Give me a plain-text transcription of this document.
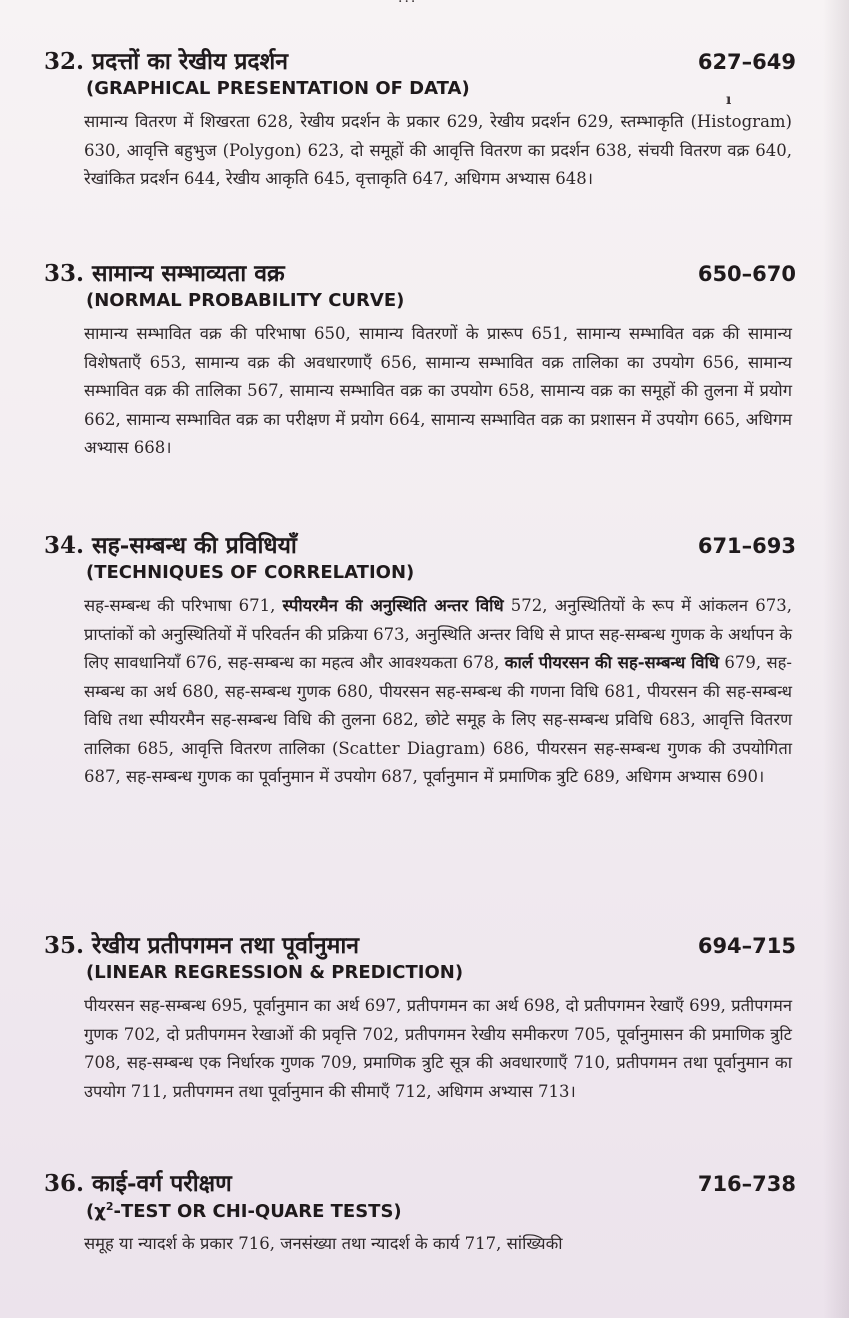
···
ı
32. प्रदत्तों का रेखीय प्रदर्शन	627–649
(GRAPHICAL PRESENTATION OF DATA)
सामान्य वितरण में शिखरता 628, रेखीय प्रदर्शन के प्रकार 629, रेखीय प्रदर्शन 629, स्तम्भाकृति (Histogram) 630, आवृत्ति बहुभुज (Polygon) 623, दो समूहों की आवृत्ति वितरण का प्रदर्शन 638, संचयी वितरण वक्र 640, रेखांकित प्रदर्शन 644, रेखीय आकृति 645, वृत्ताकृति 647, अधिगम अभ्यास 648।
33. सामान्य सम्भाव्यता वक्र	650–670
(NORMAL PROBABILITY CURVE)
सामान्य सम्भावित वक्र की परिभाषा 650, सामान्य वितरणों के प्रारूप 651, सामान्य सम्भावित वक्र की सामान्य विशेषताएँ 653, सामान्य वक्र की अवधारणाएँ 656, सामान्य सम्भावित वक्र तालिका का उपयोग 656, सामान्य सम्भावित वक्र की तालिका 567, सामान्य सम्भावित वक्र का उपयोग 658, सामान्य वक्र का समूहों की तुलना में प्रयोग 662, सामान्य सम्भावित वक्र का परीक्षण में प्रयोग 664, सामान्य सम्भावित वक्र का प्रशासन में उपयोग 665, अधिगम अभ्यास 668।
34. सह-सम्बन्ध की प्रविधियाँ	671–693
(TECHNIQUES OF CORRELATION)
सह-सम्बन्ध की परिभाषा 671, स्पीयरमैन की अनुस्थिति अन्तर विधि 572, अनुस्थितियों के रूप में आंकलन 673, प्राप्तांकों को अनुस्थितियों में परिवर्तन की प्रक्रिया 673, अनुस्थिति अन्तर विधि से प्राप्त सह-सम्बन्ध गुणक के अर्थापन के लिए सावधानियाँ 676, सह-सम्बन्ध का महत्व और आवश्यकता 678, कार्ल पीयरसन की सह-सम्बन्ध विधि 679, सह-सम्बन्ध का अर्थ 680, सह-सम्बन्ध गुणक 680, पीयरसन सह-सम्बन्ध की गणना विधि 681, पीयरसन की सह-सम्बन्ध विधि तथा स्पीयरमैन सह-सम्बन्ध विधि की तुलना 682, छोटे समूह के लिए सह-सम्बन्ध प्रविधि 683, आवृत्ति वितरण तालिका 685, आवृत्ति वितरण तालिका (Scatter Diagram) 686, पीयरसन सह-सम्बन्ध गुणक की उपयोगिता 687, सह-सम्बन्ध गुणक का पूर्वानुमान में उपयोग 687, पूर्वानुमान में प्रमाणिक त्रुटि 689, अधिगम अभ्यास 690।
35. रेखीय प्रतीपगमन तथा पूर्वानुमान	694–715
(LINEAR REGRESSION & PREDICTION)
पीयरसन सह-सम्बन्ध 695, पूर्वानुमान का अर्थ 697, प्रतीपगमन का अर्थ 698, दो प्रतीपगमन रेखाएँ 699, प्रतीपगमन गुणक 702, दो प्रतीपगमन रेखाओं की प्रवृत्ति 702, प्रतीपगमन रेखीय समीकरण 705, पूर्वानुमासन की प्रमाणिक त्रुटि 708, सह-सम्बन्ध एक निर्धारक गुणक 709, प्रमाणिक त्रुटि सूत्र की अवधारणाएँ 710, प्रतीपगमन तथा पूर्वानुमान का उपयोग 711, प्रतीपगमन तथा पूर्वानुमान की सीमाएँ 712, अधिगम अभ्यास 713।
36. काई-वर्ग परीक्षण	716–738
($\chi^2$-TEST OR CHI-QUARE TESTS)
समूह या न्यादर्श के प्रकार 716, जनसंख्या तथा न्यादर्श के कार्य 717, सांख्यिकी
